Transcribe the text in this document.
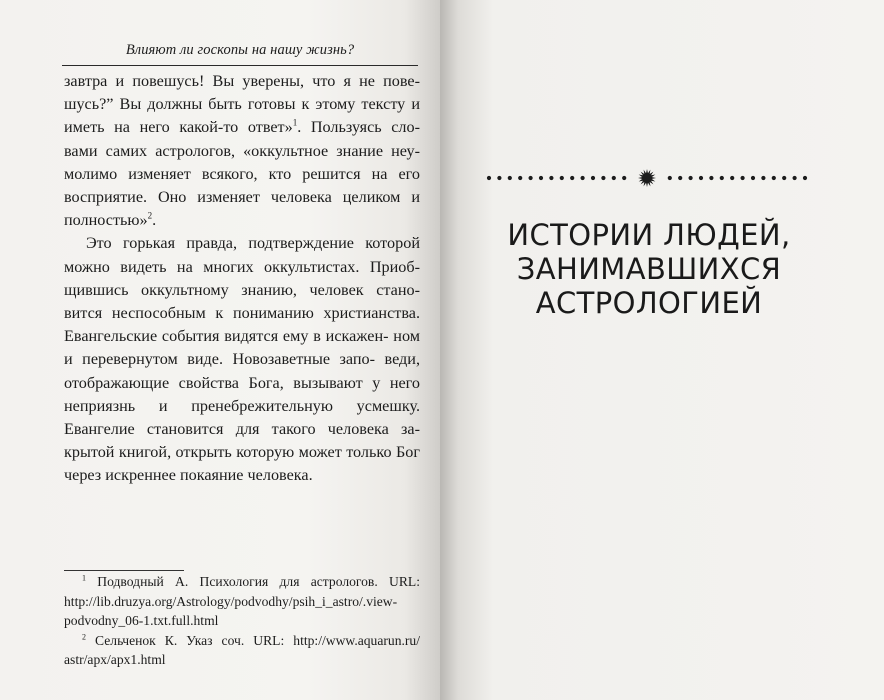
Влияют ли госкопы на нашу жизнь?

завтра и повешусь! Вы уверены, что я не пове- шусь?” Вы должны быть готовы к этому тексту и иметь на него какой-то ответ»$^1$. Пользуясь сло- вами самих астрологов, «оккультное знание неу- молимо изменяет всякого, кто решится на его восприятие. Оно изменяет человека целиком и полностью»$^2$.

Это горькая правда, подтверждение которой можно видеть на многих оккультистах. Приоб- щившись оккультному знанию, человек стано- вится неспособным к пониманию христианства. Евангельские события видятся ему в искажен- ном и перевернутом виде. Новозаветные запо- веди, отображающие свойства Бога, вызывают у него неприязнь и пренебрежительную усмешку. Евангелие становится для такого человека за- крытой книгой, открыть которую может только Бог через искреннее покаяние человека.

$^1$ Подводный А. Психология для астрологов. URL: http://lib.druzya.org/Astrology/podvodhy/psih_i_astro/.view- podvodny_06-1.txt.full.html

$^2$ Сельченок К. Указ соч. URL: http://www.aquarun.ru/ astr/apx/apx1.html

ИСТОРИИ ЛЮДЕЙ,
ЗАНИМАВШИХСЯ
АСТРОЛОГИЕЙ
